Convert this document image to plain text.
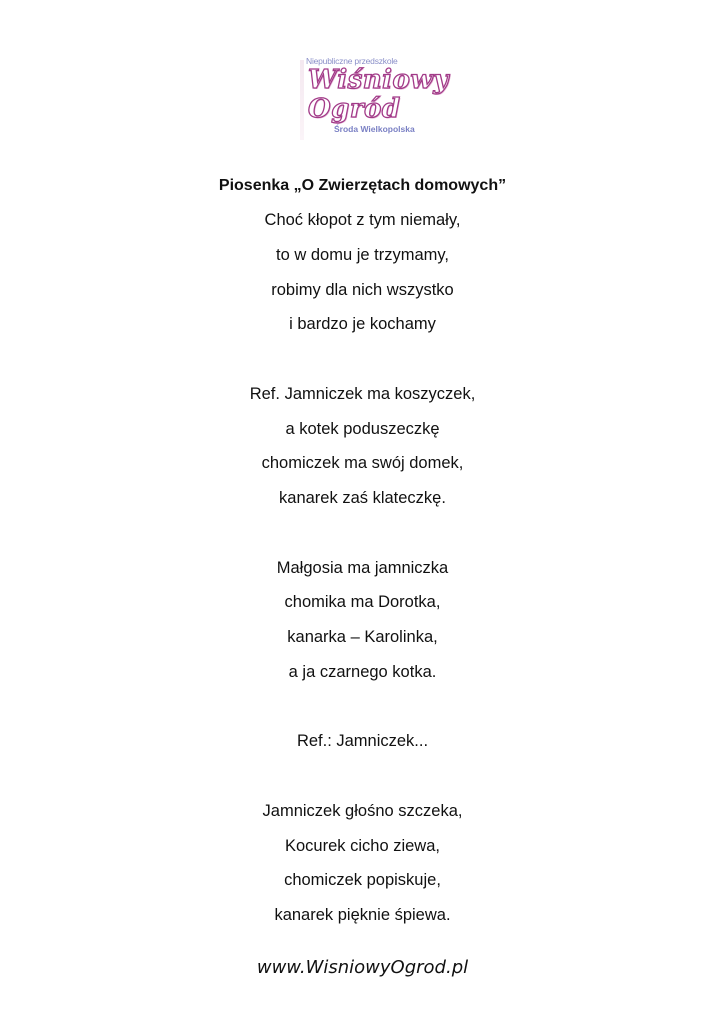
Niepubliczne przedszkole
Wiśniowy
Ogród
Środa Wielkopolska
Piosenka „O Zwierzętach domowych”
Choć kłopot z tym niemały,
to w domu je trzymamy,
robimy dla nich wszystko
i bardzo je kochamy
Ref. Jamniczek ma koszyczek,
a kotek poduszeczkę
chomiczek ma swój domek,
kanarek zaś klateczkę.
Małgosia ma jamniczka
chomika ma Dorotka,
kanarka – Karolinka,
a ja czarnego kotka.
Ref.: Jamniczek...
Jamniczek głośno szczeka,
Kocurek cicho ziewa,
chomiczek popiskuje,
kanarek pięknie śpiewa.
www.WisniowyOgrod.pl
